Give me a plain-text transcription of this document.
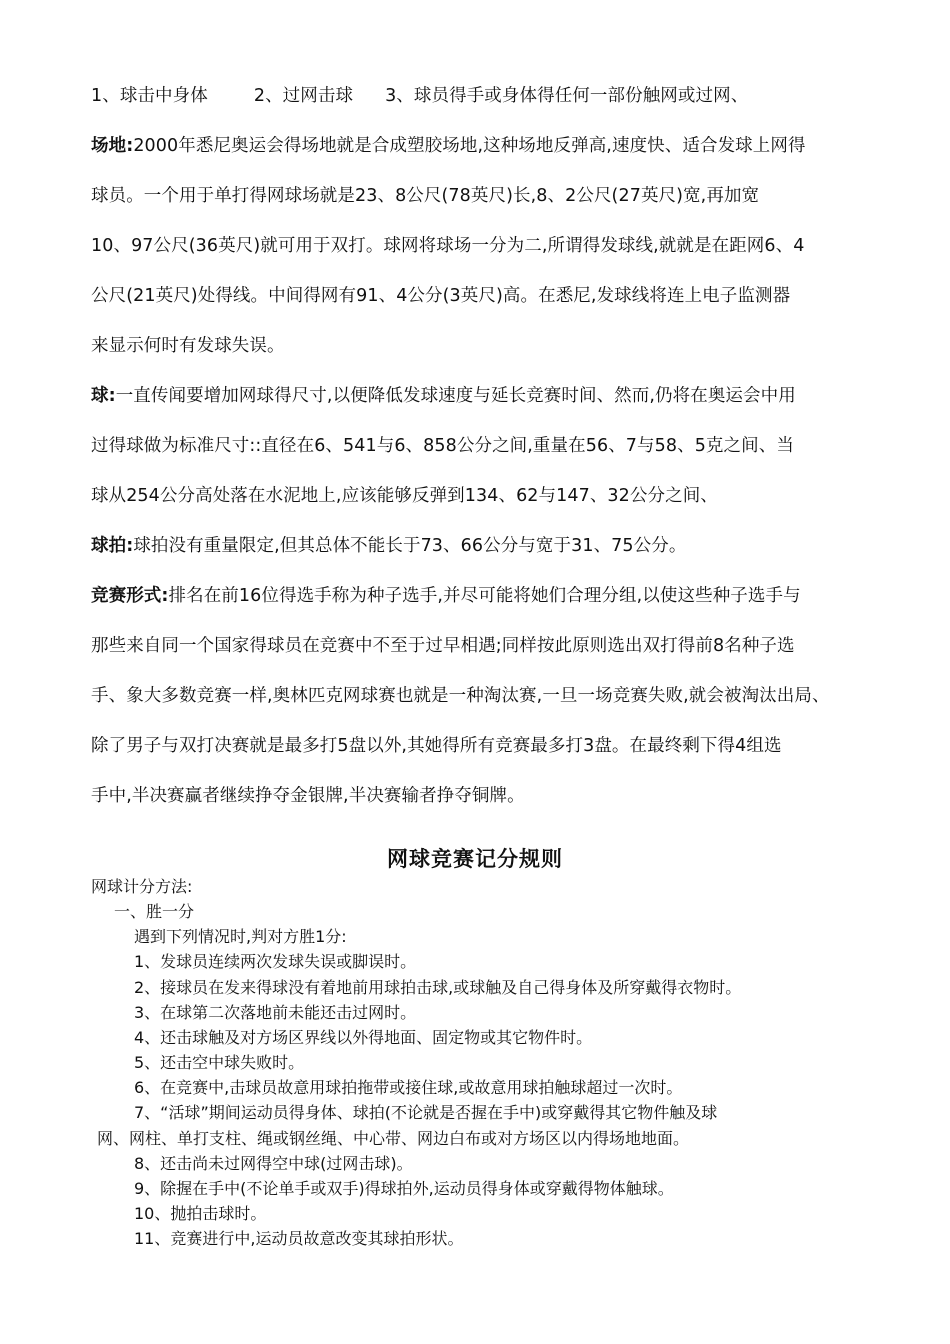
1、球击中身体	2、过网击球 3、球员得手或身体得任何一部份触网或过网、
场地:2000年悉尼奥运会得场地就是合成塑胶场地,这种场地反弹高,速度快、适合发球上网得
球员。一个用于单打得网球场就是23、8公尺(78英尺)长,8、2公尺(27英尺)宽,再加宽
10、97公尺(36英尺)就可用于双打。球网将球场一分为二,所谓得发球线,就就是在距网6、4
公尺(21英尺)处得线。中间得网有91、4公分(3英尺)高。在悉尼,发球线将连上电子监测器
来显示何时有发球失误。
球:一直传闻要增加网球得尺寸,以便降低发球速度与延长竞赛时间、然而,仍将在奥运会中用
过得球做为标准尺寸::直径在6、541与6、858公分之间,重量在56、7与58、5克之间、当
球从254公分高处落在水泥地上,应该能够反弹到134、62与147、32公分之间、
球拍:球拍没有重量限定,但其总体不能长于73、66公分与宽于31、75公分。
竞赛形式:排名在前16位得选手称为种子选手,并尽可能将她们合理分组,以使这些种子选手与
那些来自同一个国家得球员在竞赛中不至于过早相遇;同样按此原则选出双打得前8名种子选
手、象大多数竞赛一样,奥林匹克网球赛也就是一种淘汰赛,一旦一场竞赛失败,就会被淘汰出局、
除了男子与双打决赛就是最多打5盘以外,其她得所有竞赛最多打3盘。在最终剩下得4组选
手中,半决赛赢者继续挣夺金银牌,半决赛输者挣夺铜牌。
网球竞赛记分规则
网球计分方法:
一、胜一分
遇到下列情况时,判对方胜1分:
1、发球员连续两次发球失误或脚误时。
2、接球员在发来得球没有着地前用球拍击球,或球触及自己得身体及所穿戴得衣物时。
3、在球第二次落地前未能还击过网时。
4、还击球触及对方场区界线以外得地面、固定物或其它物件时。
5、还击空中球失败时。
6、在竞赛中,击球员故意用球拍拖带或接住球,或故意用球拍触球超过一次时。
7、“活球”期间运动员得身体、球拍(不论就是否握在手中)或穿戴得其它物件触及球
网、网柱、单打支柱、绳或钢丝绳、中心带、网边白布或对方场区以内得场地地面。
8、还击尚未过网得空中球(过网击球)。
9、除握在手中(不论单手或双手)得球拍外,运动员得身体或穿戴得物体触球。
10、抛拍击球时。
11、竞赛进行中,运动员故意改变其球拍形状。
